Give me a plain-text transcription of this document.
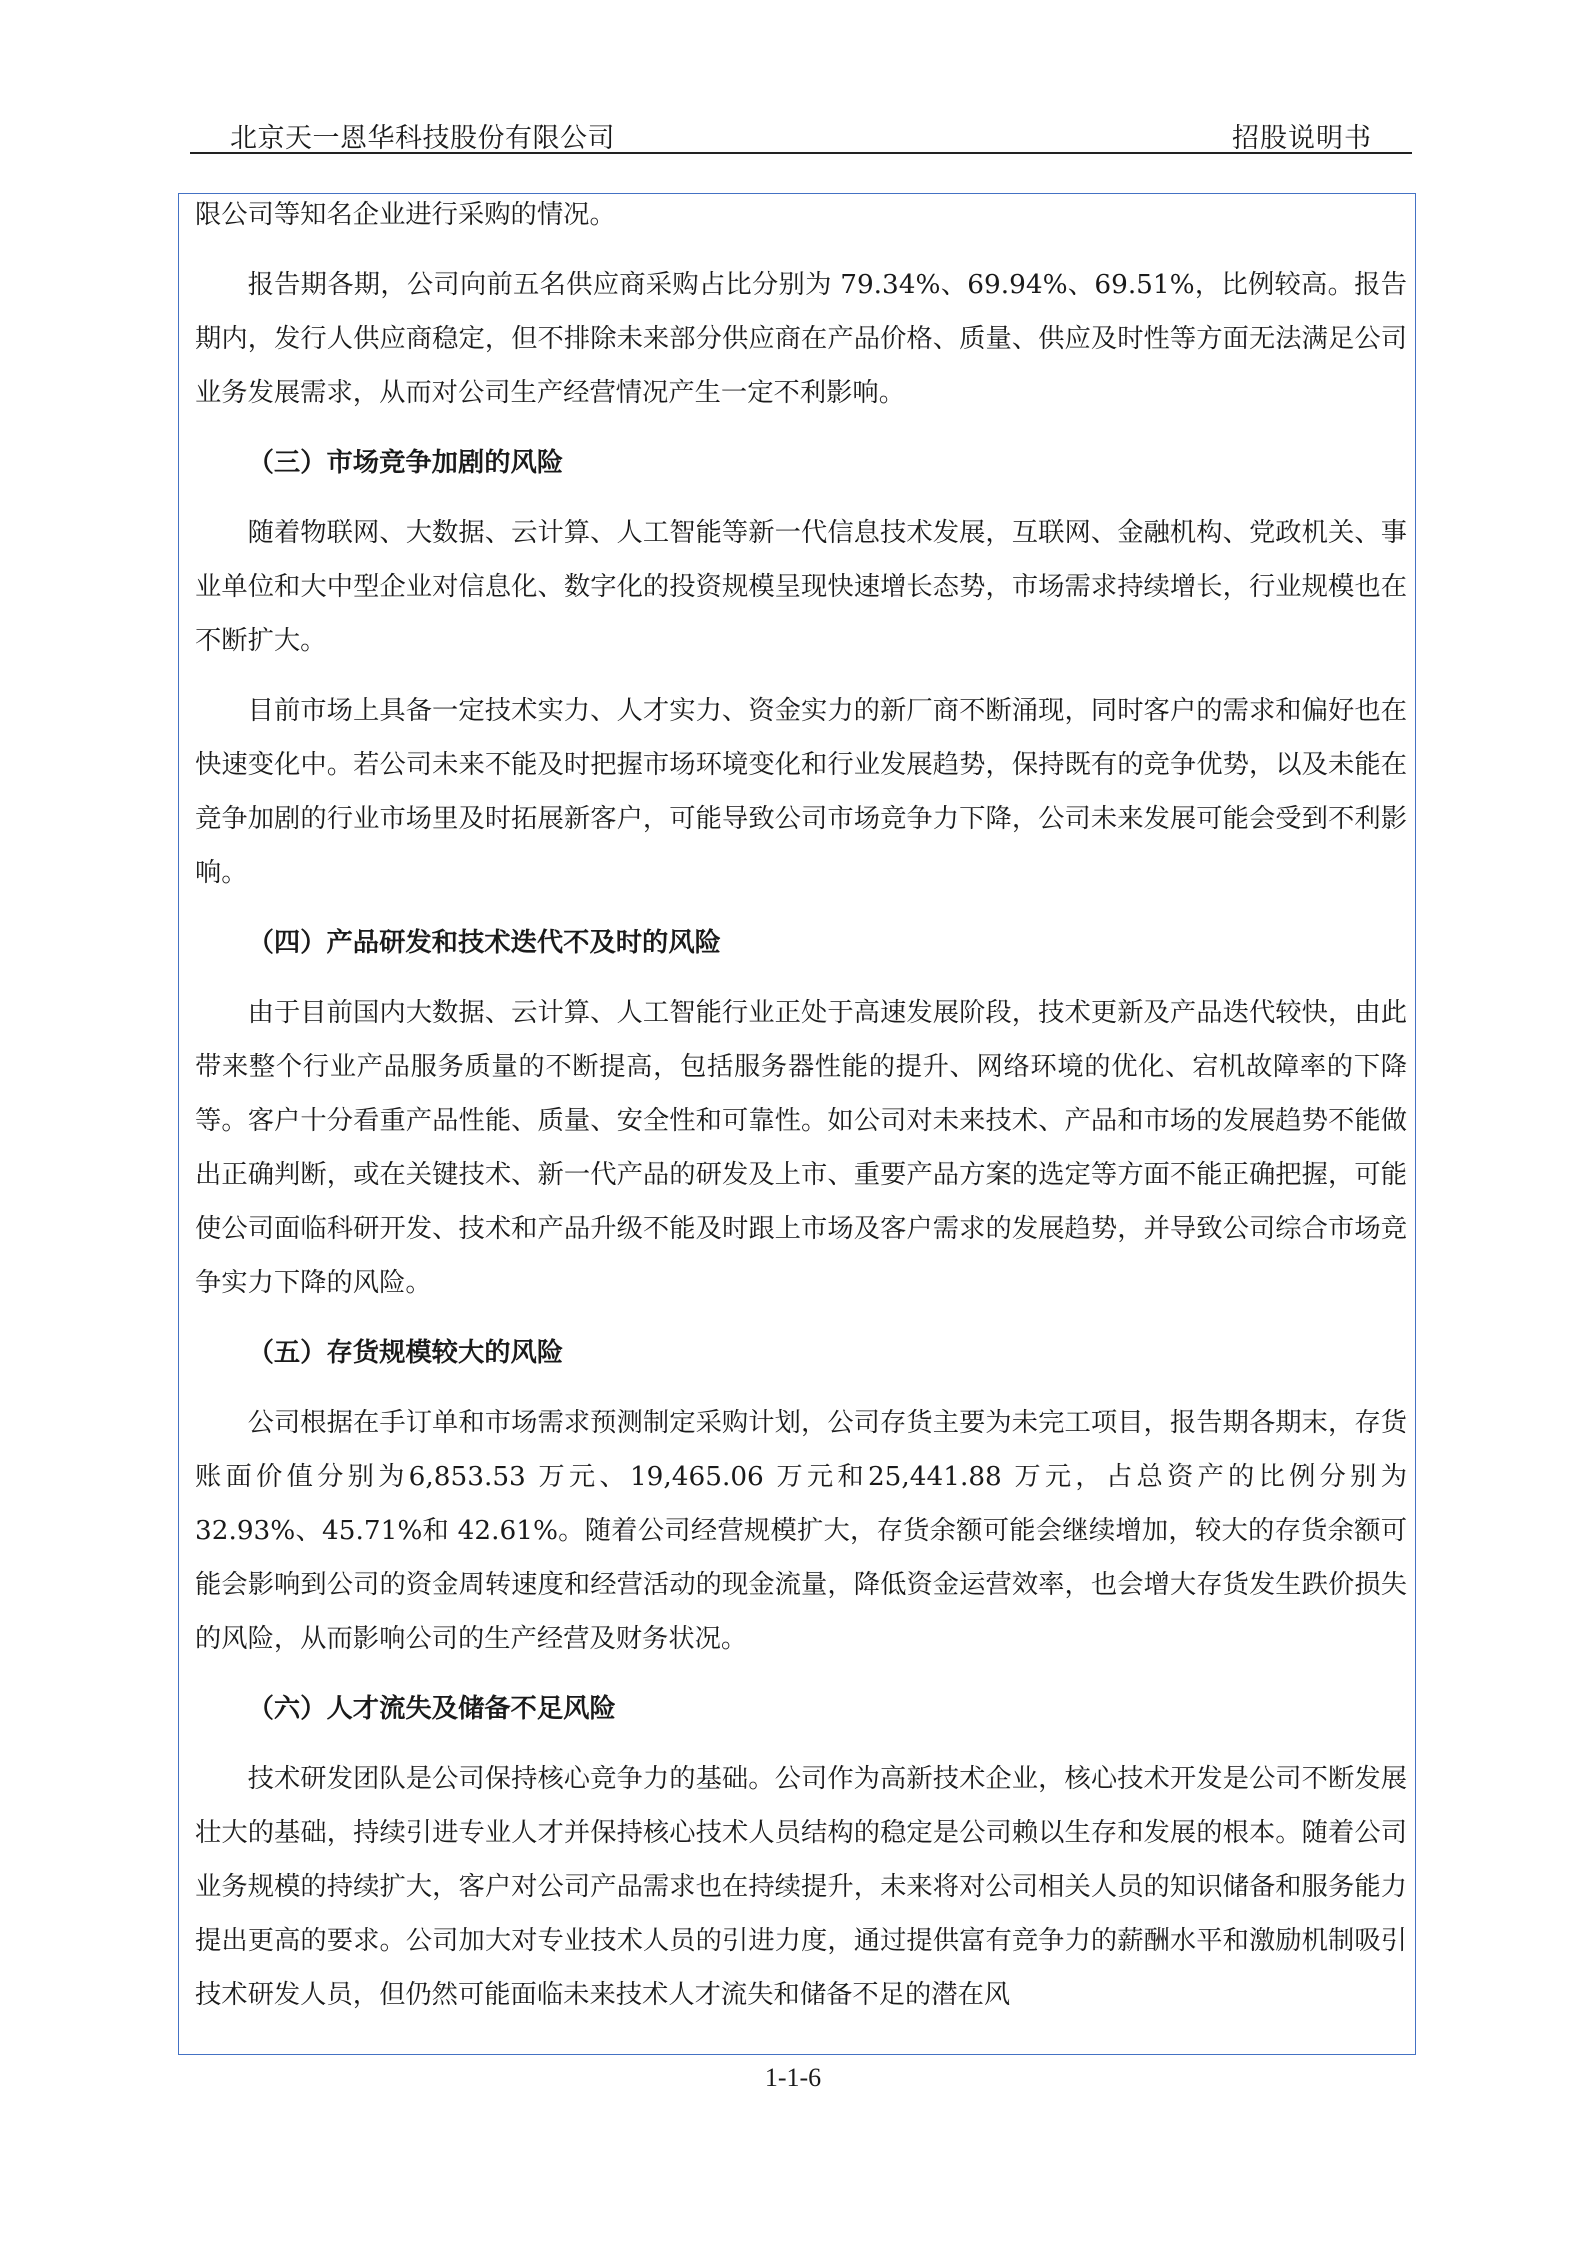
北京天一恩华科技股份有限公司	招股说明书

限公司等知名企业进行采购的情况。

报告期各期，公司向前五名供应商采购占比分别为 79.34%、69.94%、69.51%，比例较高。报告期内，发行人供应商稳定，但不排除未来部分供应商在产品价格、质量、供应及时性等方面无法满足公司业务发展需求，从而对公司生产经营情况产生一定不利影响。

（三）市场竞争加剧的风险

随着物联网、大数据、云计算、人工智能等新一代信息技术发展，互联网、金融机构、党政机关、事业单位和大中型企业对信息化、数字化的投资规模呈现快速增长态势，市场需求持续增长，行业规模也在不断扩大。

目前市场上具备一定技术实力、人才实力、资金实力的新厂商不断涌现，同时客户的需求和偏好也在快速变化中。若公司未来不能及时把握市场环境变化和行业发展趋势，保持既有的竞争优势，以及未能在竞争加剧的行业市场里及时拓展新客户，可能导致公司市场竞争力下降，公司未来发展可能会受到不利影响。

（四）产品研发和技术迭代不及时的风险

由于目前国内大数据、云计算、人工智能行业正处于高速发展阶段，技术更新及产品迭代较快，由此带来整个行业产品服务质量的不断提高，包括服务器性能的提升、网络环境的优化、宕机故障率的下降等。客户十分看重产品性能、质量、安全性和可靠性。如公司对未来技术、产品和市场的发展趋势不能做出正确判断，或在关键技术、新一代产品的研发及上市、重要产品方案的选定等方面不能正确把握，可能使公司面临科研开发、技术和产品升级不能及时跟上市场及客户需求的发展趋势，并导致公司综合市场竞争实力下降的风险。

（五）存货规模较大的风险

公司根据在手订单和市场需求预测制定采购计划，公司存货主要为未完工项目，报告期各期末，存货账面价值分别为6,853.53 万元、19,465.06 万元和25,441.88 万元，占总资产的比例分别为32.93%、45.71%和 42.61%。随着公司经营规模扩大，存货余额可能会继续增加，较大的存货余额可能会影响到公司的资金周转速度和经营活动的现金流量，降低资金运营效率，也会增大存货发生跌价损失的风险，从而影响公司的生产经营及财务状况。

（六）人才流失及储备不足风险

技术研发团队是公司保持核心竞争力的基础。公司作为高新技术企业，核心技术开发是公司不断发展壮大的基础，持续引进专业人才并保持核心技术人员结构的稳定是公司赖以生存和发展的根本。随着公司业务规模的持续扩大，客户对公司产品需求也在持续提升，未来将对公司相关人员的知识储备和服务能力提出更高的要求。公司加大对专业技术人员的引进力度，通过提供富有竞争力的薪酬水平和激励机制吸引技术研发人员，但仍然可能面临未来技术人才流失和储备不足的潜在风

1-1-6
